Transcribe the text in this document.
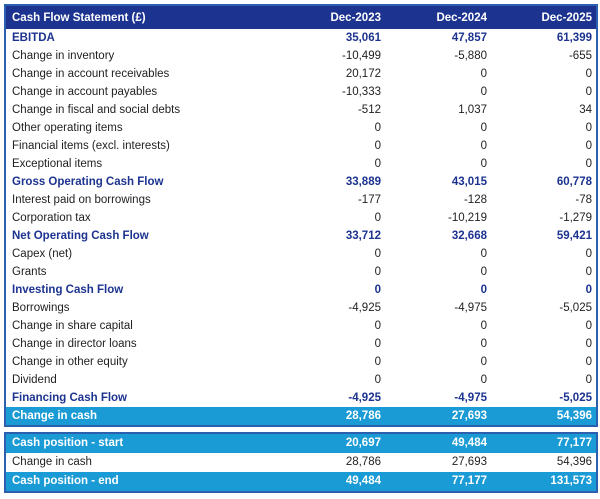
Cash Flow Statement (£)	Dec-2023	Dec-2024	Dec-2025
EBITDA	35,061	47,857	61,399
Change in inventory	-10,499	-5,880	-655
Change in account receivables	20,172	0	0
Change in account payables	-10,333	0	0
Change in fiscal and social debts	-512	1,037	34
Other operating items	0	0	0
Financial items (excl. interests)	0	0	0
Exceptional items	0	0	0
Gross Operating Cash Flow	33,889	43,015	60,778
Interest paid on borrowings	-177	-128	-78
Corporation tax	0	-10,219	-1,279
Net Operating Cash Flow	33,712	32,668	59,421
Capex (net)	0	0	0
Grants	0	0	0
Investing Cash Flow	0	0	0
Borrowings	-4,925	-4,975	-5,025
Change in share capital	0	0	0
Change in director loans	0	0	0
Change in other equity	0	0	0
Dividend	0	0	0
Financing Cash Flow	-4,925	-4,975	-5,025
Change in cash	28,786	27,693	54,396
Cash position - start	20,697	49,484	77,177
Change in cash	28,786	27,693	54,396
Cash position - end	49,484	77,177	131,573
